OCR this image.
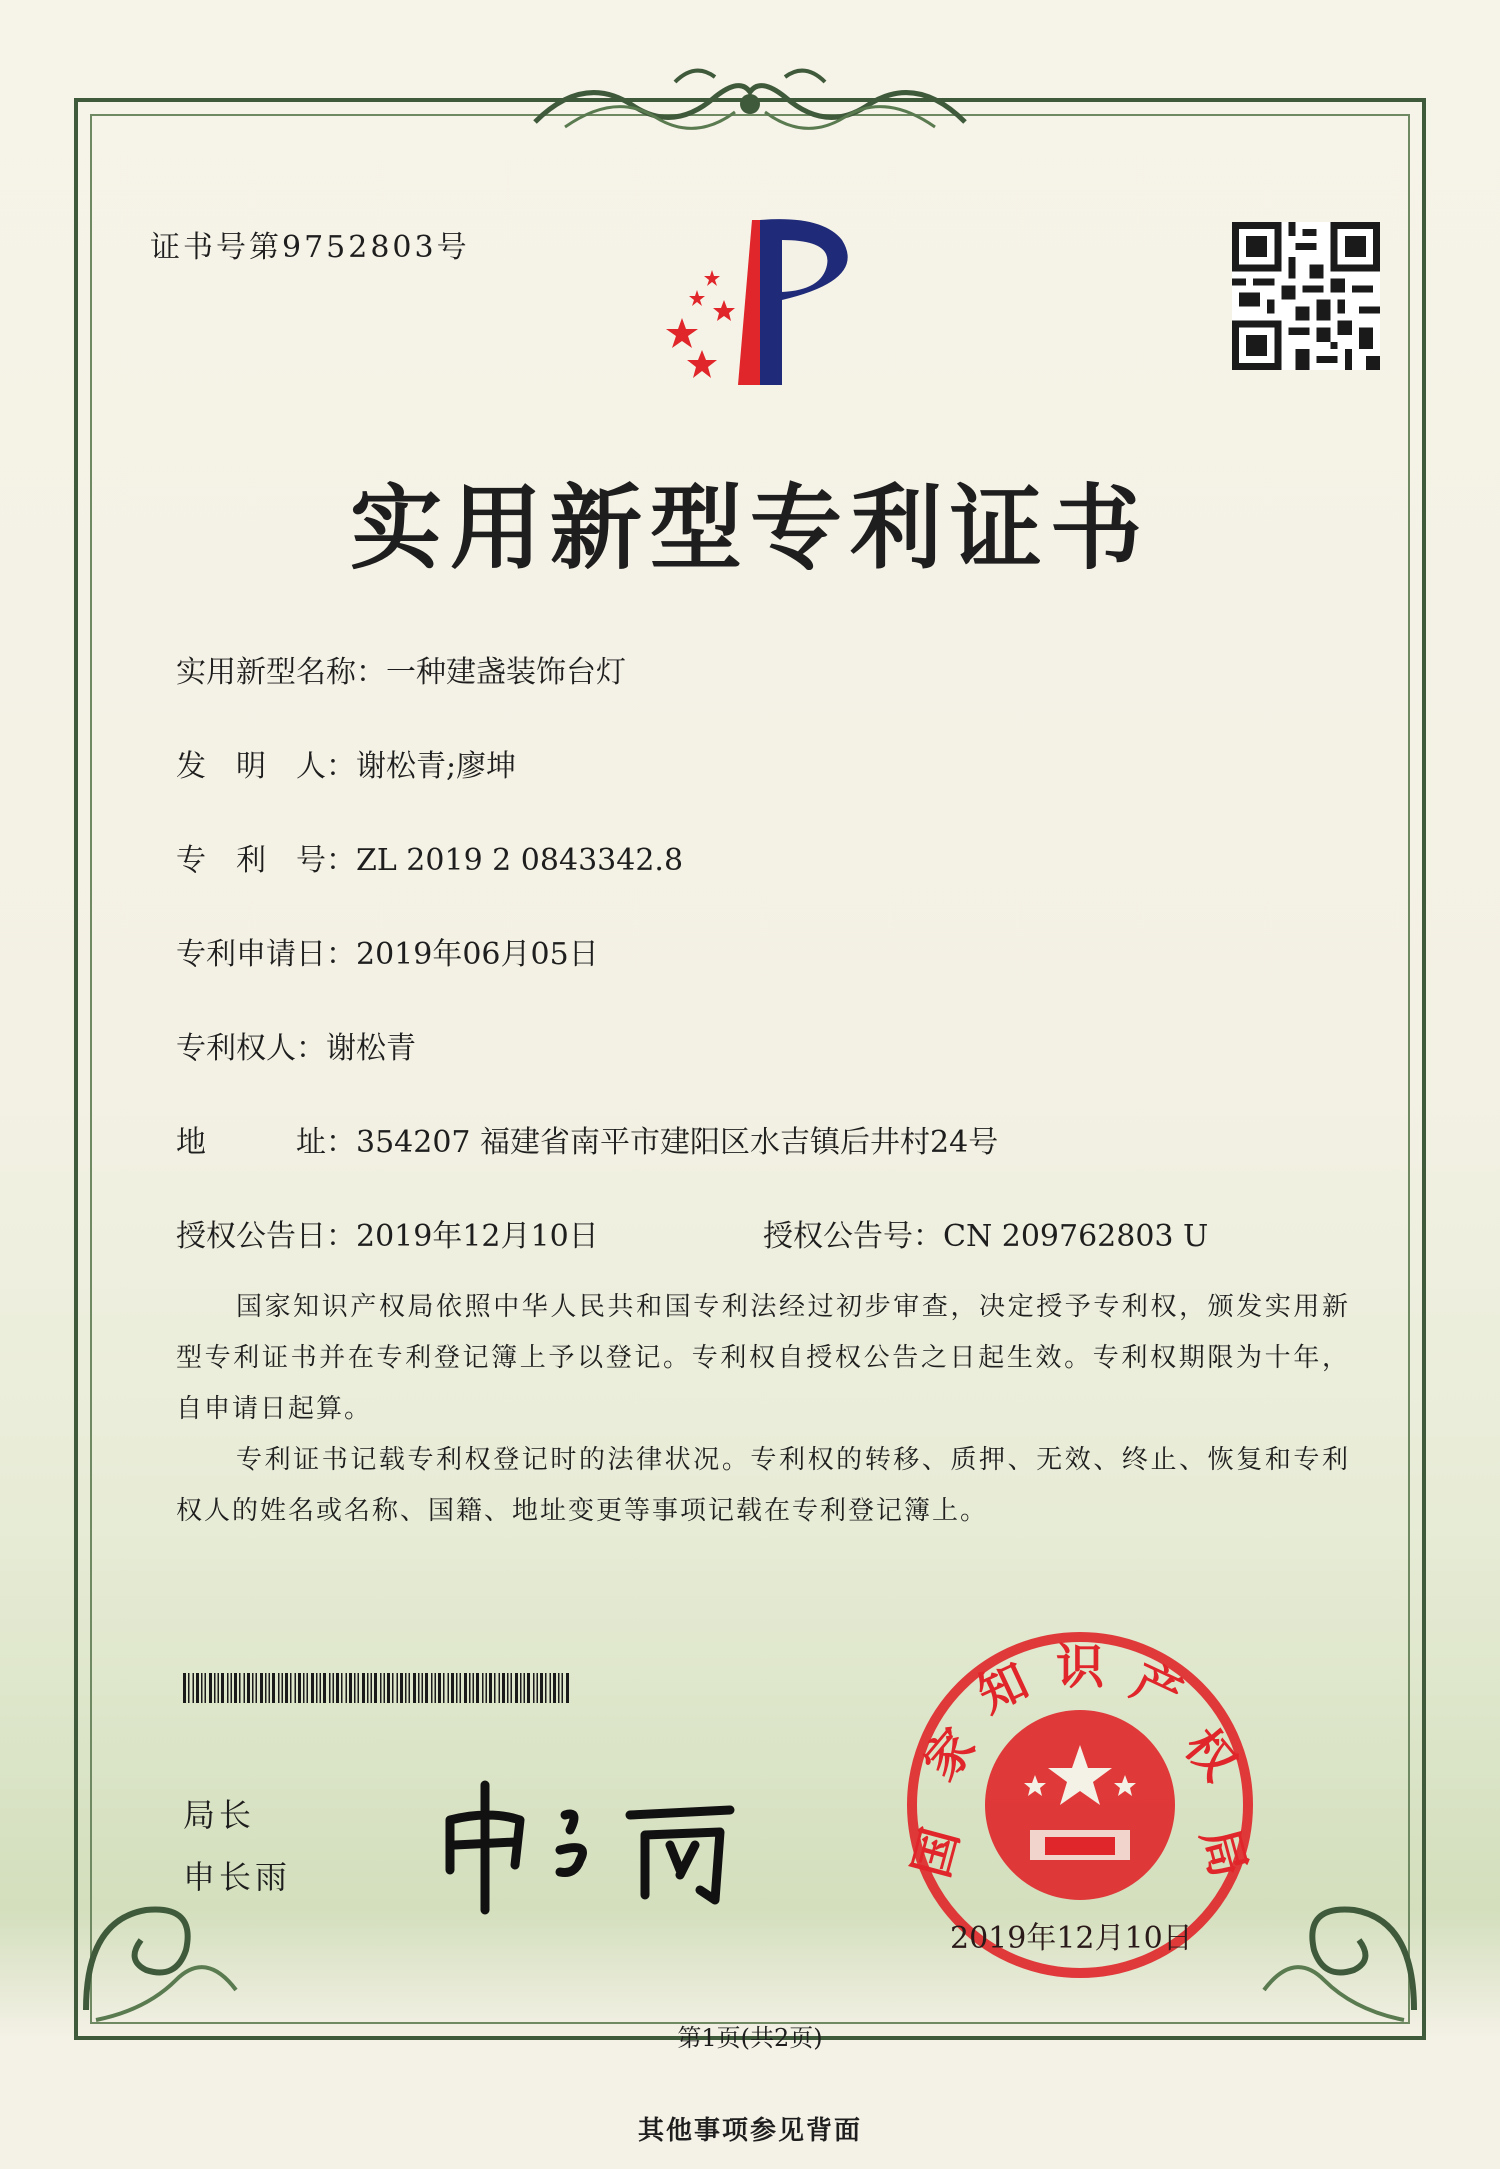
证书号第9752803号
实用新型专利证书
实用新型名称：一种建盏装饰台灯
发　明　人：谢松青;廖坤
专　利　号：ZL 2019 2 0843342.8
专利申请日：2019年06月05日
专利权人：谢松青
地　　　址：354207 福建省南平市建阳区水吉镇后井村24号
授权公告日：2019年12月10日	授权公告号：CN 209762803 U
国家知识产权局依照中华人民共和国专利法经过初步审查，决定授予专利权，颁发实用新型专利证书并在专利登记簿上予以登记。专利权自授权公告之日起生效。专利权期限为十年，自申请日起算。
专利证书记载专利权登记时的法律状况。专利权的转移、质押、无效、终止、恢复和专利权人的姓名或名称、国籍、地址变更等事项记载在专利登记簿上。
局长
申长雨	国
家
知 识 产
权
局
2019年12月10日
第1页(共2页)
其他事项参见背面
